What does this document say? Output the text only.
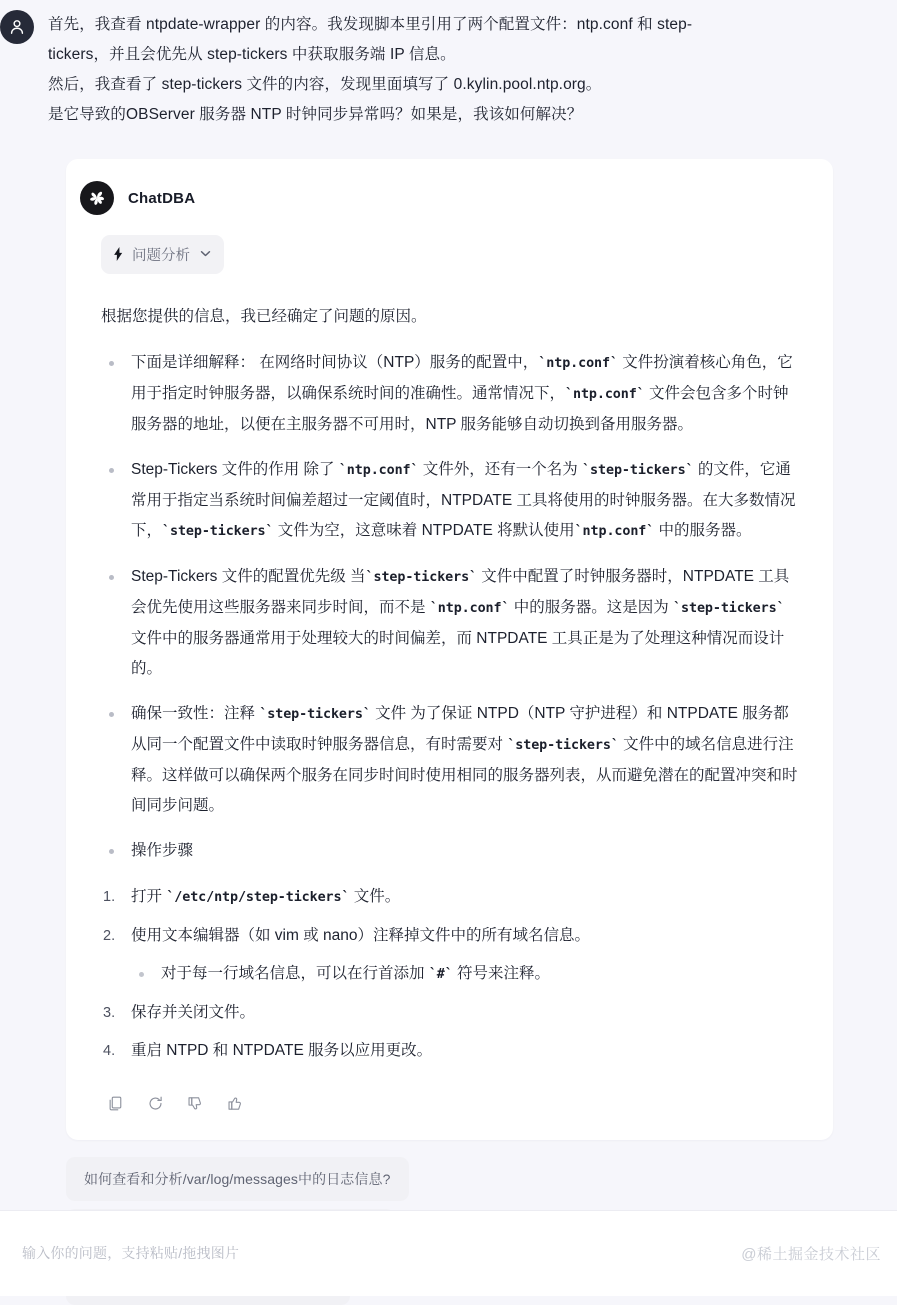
首先，我查看 ntpdate-wrapper 的内容。我发现脚本里引用了两个配置文件：ntp.conf 和 step-tickers，并且会优先从 step-tickers 中获取服务端 IP 信息。

然后，我查看了 step-tickers 文件的内容，发现里面填写了 0.kylin.pool.ntp.org。

是它导致的OBServer 服务器 NTP 时钟同步异常吗？如果是，我该如何解决？

ChatDBA
问题分析
根据您提供的信息，我已经确定了问题的原因。
下面是详细解释： 在网络时间协议（NTP）服务的配置中，`ntp.conf` 文件扮演着核心角色，它用于指定时钟服务器，以确保系统时间的准确性。通常情况下，`ntp.conf` 文件会包含多个时钟服务器的地址，以便在主服务器不可用时，NTP 服务能够自动切换到备用服务器。
Step-Tickers 文件的作用 除了 `ntp.conf` 文件外，还有一个名为 `step-tickers` 的文件，它通常用于指定当系统时间偏差超过一定阈值时，NTPDATE 工具将使用的时钟服务器。在大多数情况下，`step-tickers` 文件为空，这意味着 NTPDATE 将默认使用`ntp.conf` 中的服务器。
Step-Tickers 文件的配置优先级 当`step-tickers` 文件中配置了时钟服务器时，NTPDATE 工具会优先使用这些服务器来同步时间，而不是 `ntp.conf` 中的服务器。这是因为 `step-tickers` 文件中的服务器通常用于处理较大的时间偏差，而 NTPDATE 工具正是为了处理这种情况而设计的。
确保一致性：注释 `step-tickers` 文件 为了保证 NTPD（NTP 守护进程）和 NTPDATE 服务都从同一个配置文件中读取时钟服务器信息，有时需要对 `step-tickers` 文件中的域名信息进行注释。这样做可以确保两个服务在同步时间时使用相同的服务器列表，从而避免潜在的配置冲突和时间同步问题。
操作步骤
打开 `/etc/ntp/step-tickers` 文件。
使用文本编辑器（如 vim 或 nano）注释掉文件中的所有域名信息。
对于每一行域名信息，可以在行首添加 `#` 符号来注释。
保存并关闭文件。
重启 NTPD 和 NTPDATE 服务以应用更改。
如何查看和分析/var/log/messages中的日志信息?
输入你的问题，支持粘贴/拖拽图片	@稀土掘金技术社区
